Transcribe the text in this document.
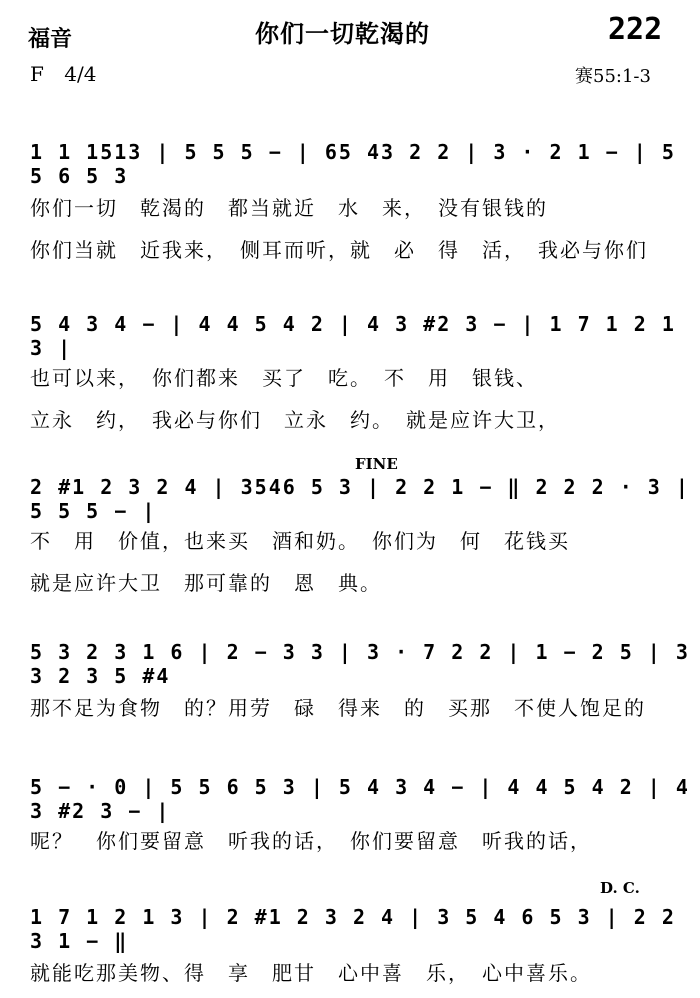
福音	你们一切乾渴的	222
F 4/4	赛55:1-3
1 1 1513 | 5 5 5 − | 65 43 2 2 | 3 · 2 1 − | 5 5 6 5 3
你们一切　乾渴的　都当就近　水　来，　没有银钱的
你们当就　近我来，　侧耳而听，就　必　得　活，　我必与你们
5 4 3 4 − | 4 4 5 4 2 | 4 3 #2 3 − | 1 7 1 2 1 3 |
也可以来，　你们都来　买了　吃。　不　用　银钱、
立永　约，　我必与你们　立永　约。　就是应许大卫，
FINE
2 #1 2 3 2 4 | 3546 5 3 | 2 2 1 − ‖ 2 2 2 · 3 | 5 5 5 − |
不　用　价值，也来买　酒和奶。　你们为　何　花钱买
就是应许大卫　那可靠的　恩　典。
5 3 2 3 1 6 | 2 − 3 3 | 3 · 7 2 2 | 1 − 2 5 | 3 3 2 3 5 #4
那不足为食物　的？用劳　碌　得来　的　买那　不使人饱足的
5 − · 0 | 5 5 6 5 3 | 5 4 3 4 − | 4 4 5 4 2 | 4 3 #2 3 − |
呢？　你们要留意　听我的话，　你们要留意　听我的话，
D. C.
1 7 1 2 1 3 | 2 #1 2 3 2 4 | 3 5 4 6 5 3 | 2 2 3 1 − ‖
就能吃那美物、得　享　肥甘　心中喜　乐，　心中喜乐。
